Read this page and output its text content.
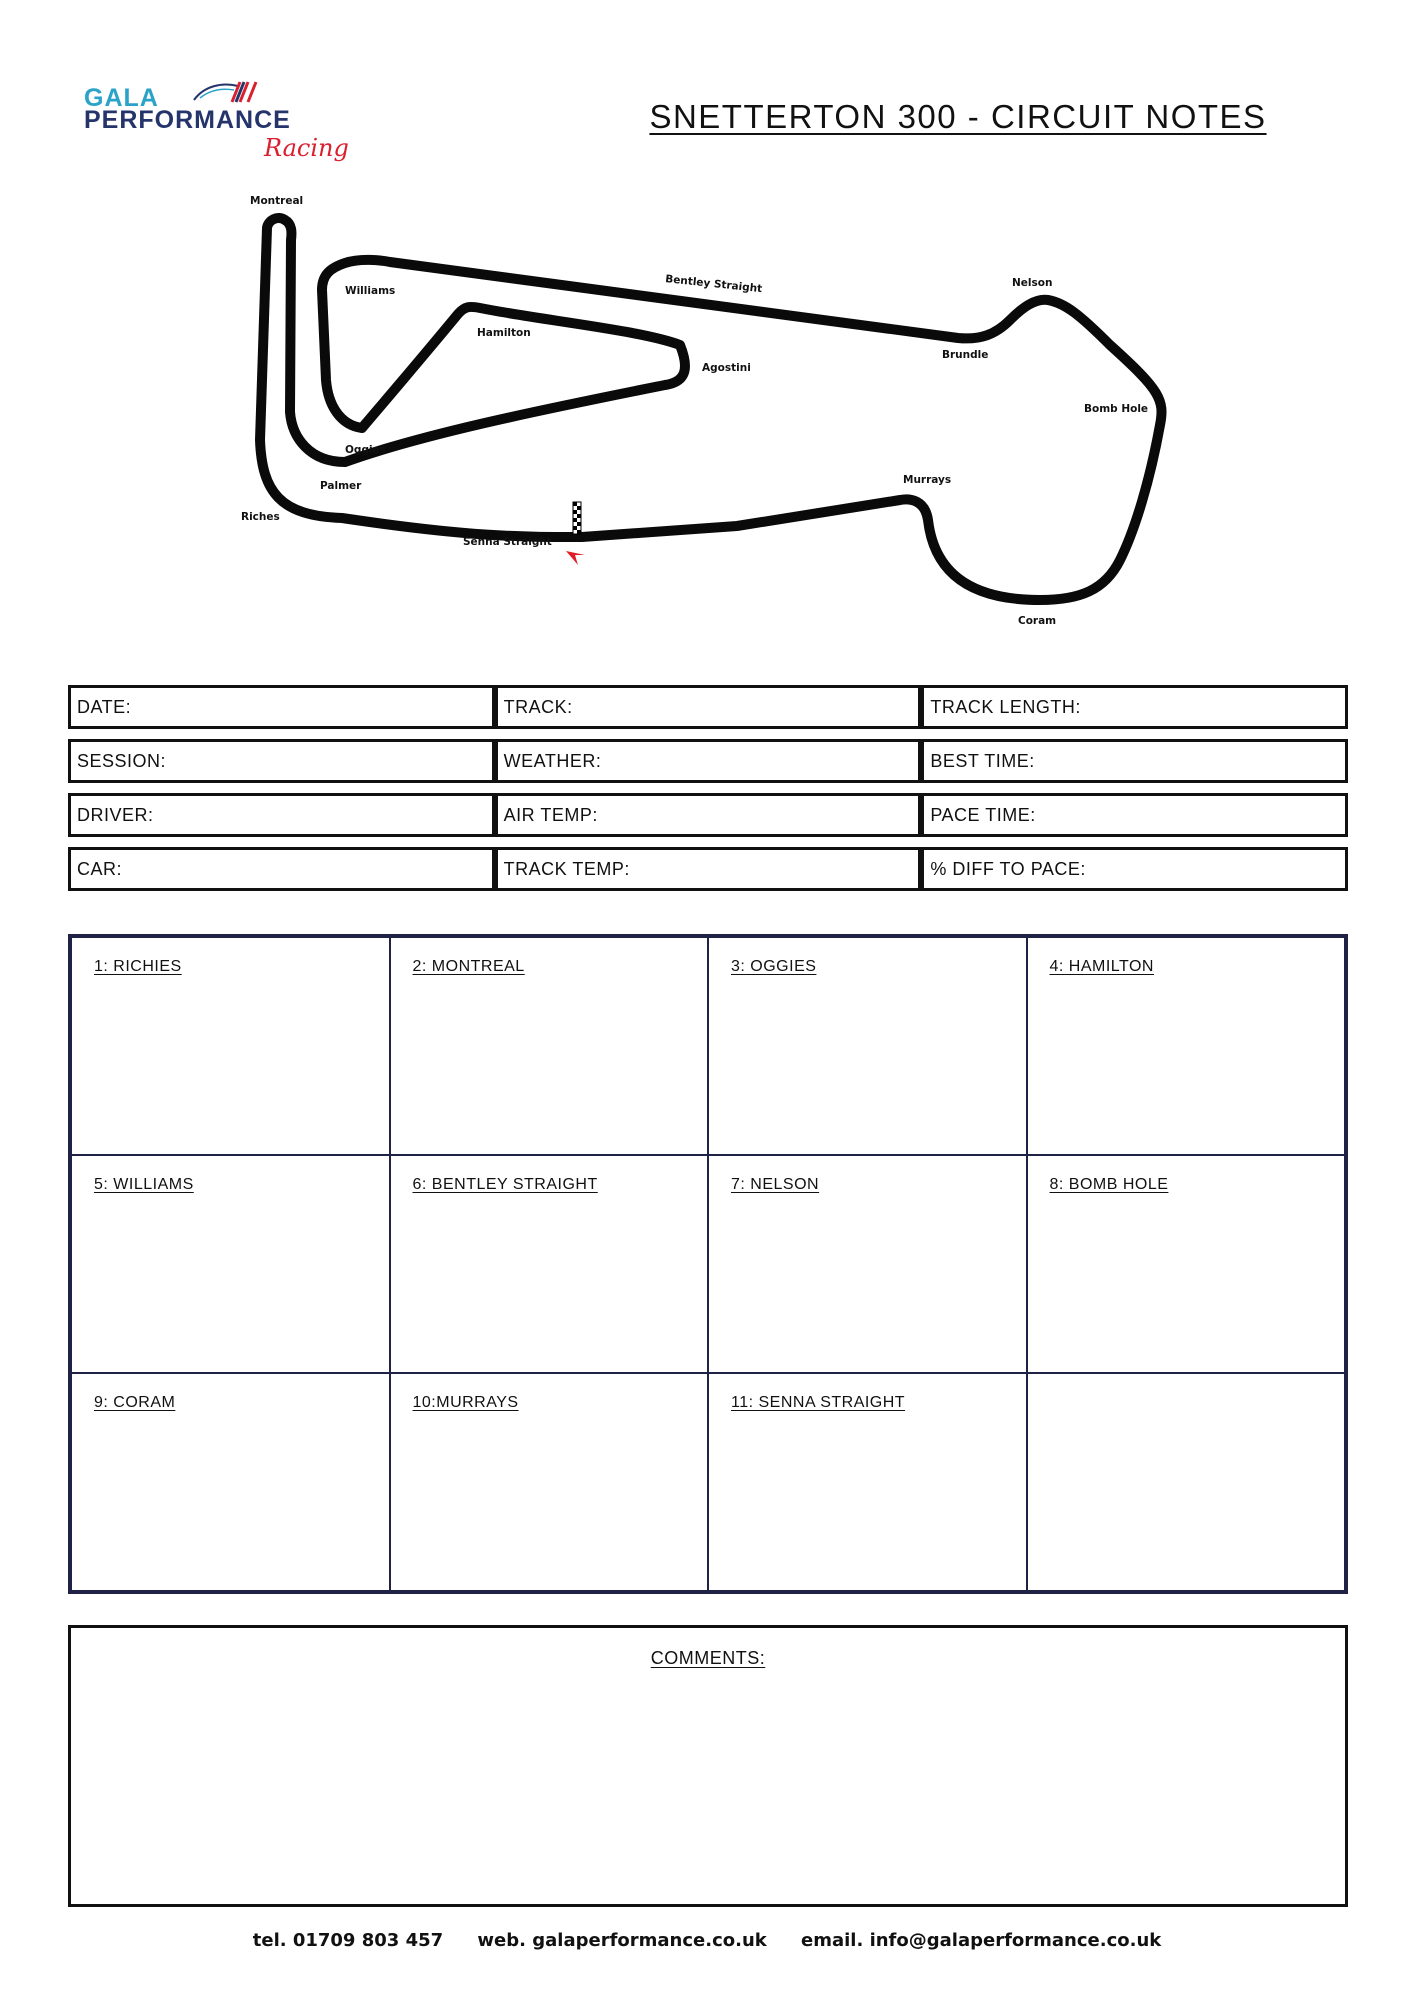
GALA
PERFORMANCE
Racing
SNETTERTON 300 - CIRCUIT NOTES
Montreal
Williams	Bentley Straight	Nelson
Hamilton
Agostini
Brundle
Bomb Hole
Oggies
Palmer	Murrays
Riches
Senna Straight
Coram
DATE:	TRACK:	TRACK LENGTH:
SESSION:	WEATHER:	BEST TIME:
DRIVER:	AIR TEMP:	PACE TIME:
CAR:	TRACK TEMP:	% DIFF TO PACE:
1: RICHIES	2: MONTREAL	3: OGGIES	4: HAMILTON
5: WILLIAMS	6: BENTLEY STRAIGHT	7: NELSON	8: BOMB HOLE
9: CORAM	10:MURRAYS	11: SENNA STRAIGHT
COMMENTS:
tel. 01709 803 457 web. galaperformance.co.uk email. info@galaperformance.co.uk
